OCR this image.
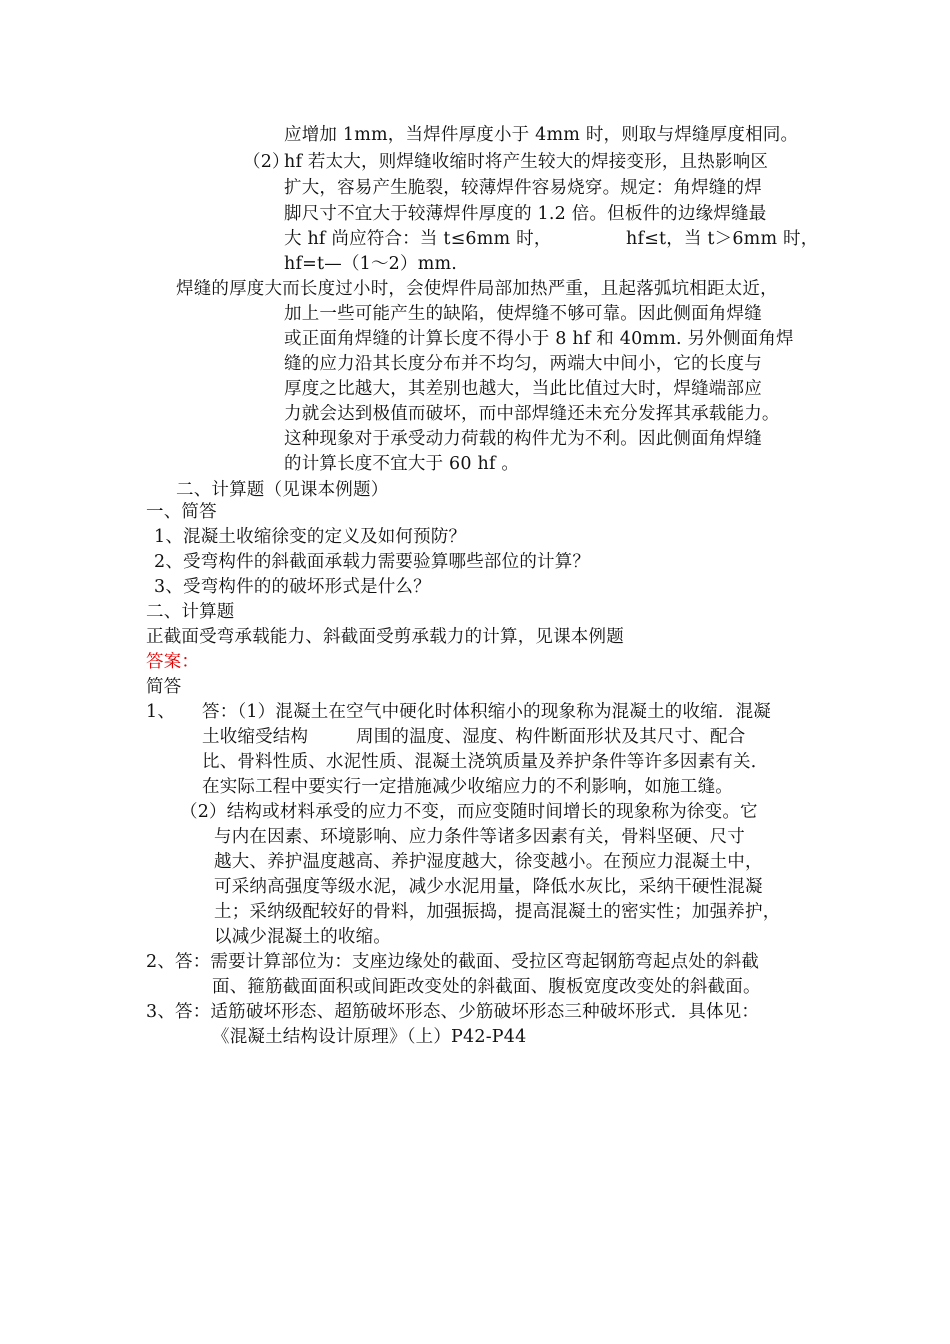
应增加 1mm，当焊件厚度小于 4mm 时，则取与焊缝厚度相同。
（2）
hf 若太大，则焊缝收缩时将产生较大的焊接变形，且热影响区
扩大，容易产生脆裂，较薄焊件容易烧穿。规定：角焊缝的焊
脚尺寸不宜大于较薄焊件厚度的 1.2 倍。但板件的边缘焊缝最
大 hf 尚应符合：当 t≤6mm 时，	hf≤t，当 t＞6mm 时，
hf=t—（1～2）mm.
焊缝的厚度大而长度过小时，会使焊件局部加热严重，且起落弧坑相距太近，
加上一些可能产生的缺陷，使焊缝不够可靠。因此侧面角焊缝
或正面角焊缝的计算长度不得小于 8 hf 和 40mm. 另外侧面角焊
缝的应力沿其长度分布并不均匀，两端大中间小，它的长度与
厚度之比越大，其差别也越大，当此比值过大时，焊缝端部应
力就会达到极值而破坏，而中部焊缝还未充分发挥其承载能力。
这种现象对于承受动力荷载的构件尤为不利。因此侧面角焊缝
的计算长度不宜大于 60 hf 。
二、计算题（见课本例题）
一、简答
1、混凝土收缩徐变的定义及如何预防？
2、受弯构件的斜截面承载力需要验算哪些部位的计算？
3、受弯构件的的破坏形式是什么？
二、计算题
正截面受弯承载能力、斜截面受剪承载力的计算，见课本例题
答案：
简答
1、 答：（1）混凝土在空气中硬化时体积缩小的现象称为混凝土的收缩．混凝
土收缩受结构	周围的温度、湿度、构件断面形状及其尺寸、配合
比、骨料性质、水泥性质、混凝土浇筑质量及养护条件等许多因素有关．
在实际工程中要实行一定措施减少收缩应力的不利影响，如施工缝。
（2）结构或材料承受的应力不变，而应变随时间增长的现象称为徐变。它
与内在因素、环境影响、应力条件等诸多因素有关，骨料坚硬、尺寸
越大、养护温度越高、养护湿度越大，徐变越小。在预应力混凝土中，
可采纳高强度等级水泥，减少水泥用量，降低水灰比，采纳干硬性混凝
土；采纳级配较好的骨料，加强振捣，提高混凝土的密实性；加强养护，
以减少混凝土的收缩。
2、答：需要计算部位为：支座边缘处的截面、受拉区弯起钢筋弯起点处的斜截
面、箍筋截面面积或间距改变处的斜截面、腹板宽度改变处的斜截面。
3、答：适筋破坏形态、超筋破坏形态、少筋破坏形态三种破坏形式．具体见：
《混凝土结构设计原理》（上）P42-P44
